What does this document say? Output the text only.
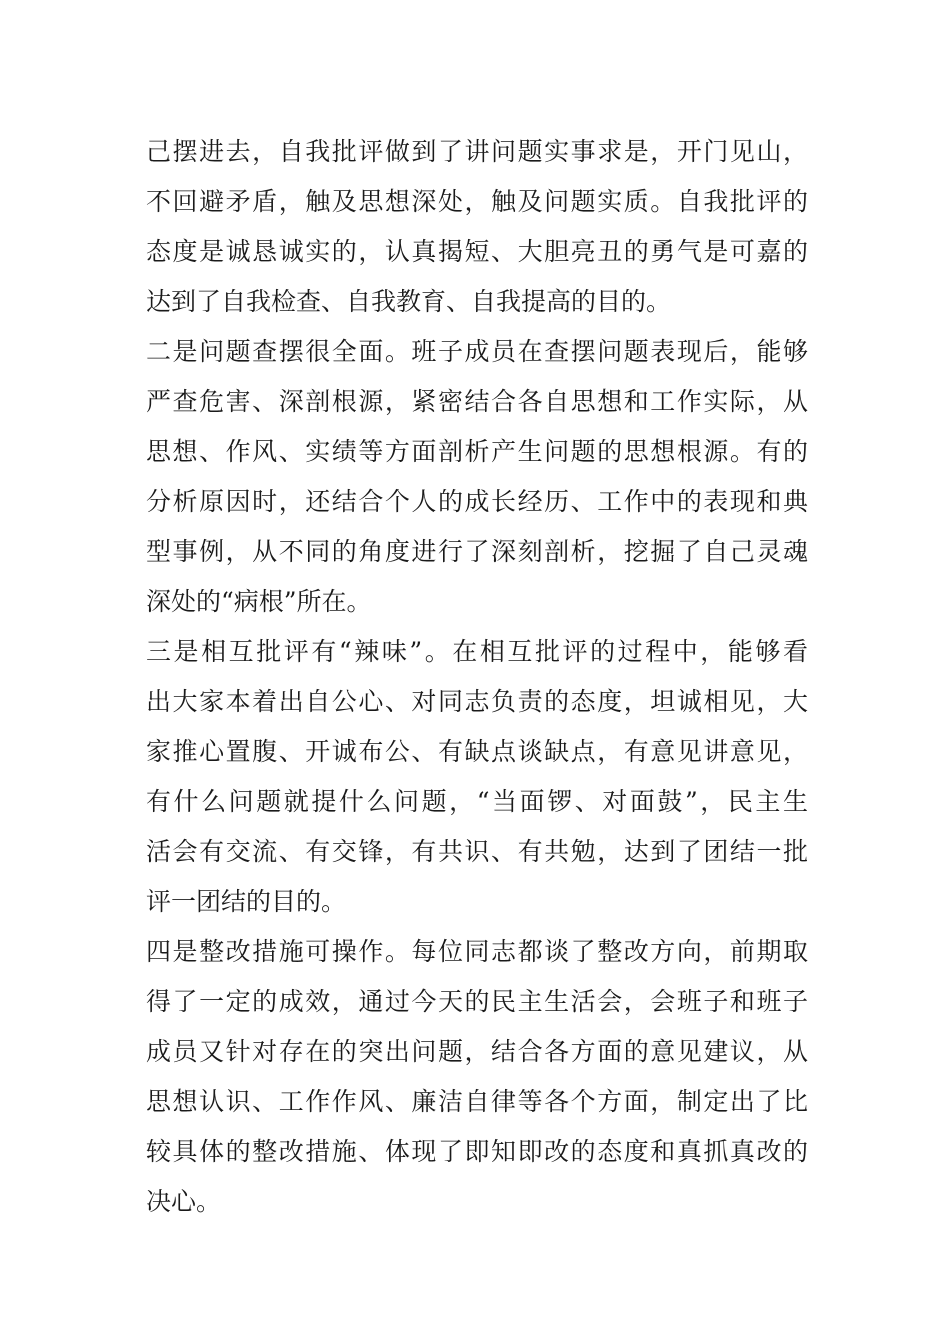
己摆进去，自我批评做到了讲问题实事求是，开门见山，
不回避矛盾，触及思想深处，触及问题实质。自我批评的
态度是诚恳诚实的，认真揭短、大胆亮丑的勇气是可嘉的
达到了自我检查、自我教育、自我提高的目的。
二是问题查摆很全面。班子成员在查摆问题表现后，能够
严查危害、深剖根源，紧密结合各自思想和工作实际，从
思想、作风、实绩等方面剖析产生问题的思想根源。有的
分析原因时，还结合个人的成长经历、工作中的表现和典
型事例，从不同的角度进行了深刻剖析，挖掘了自己灵魂
深处的“病根”所在。
三是相互批评有“辣味”。在相互批评的过程中，能够看
出大家本着出自公心、对同志负责的态度，坦诚相见，大
家推心置腹、开诚布公、有缺点谈缺点，有意见讲意见，
有什么问题就提什么问题，“当面锣、对面鼓”，民主生
活会有交流、有交锋，有共识、有共勉，达到了团结一批
评一团结的目的。
四是整改措施可操作。每位同志都谈了整改方向，前期取
得了一定的成效，通过今天的民主生活会，会班子和班子
成员又针对存在的突出问题，结合各方面的意见建议，从
思想认识、工作作风、廉洁自律等各个方面，制定出了比
较具体的整改措施、体现了即知即改的态度和真抓真改的
决心。
